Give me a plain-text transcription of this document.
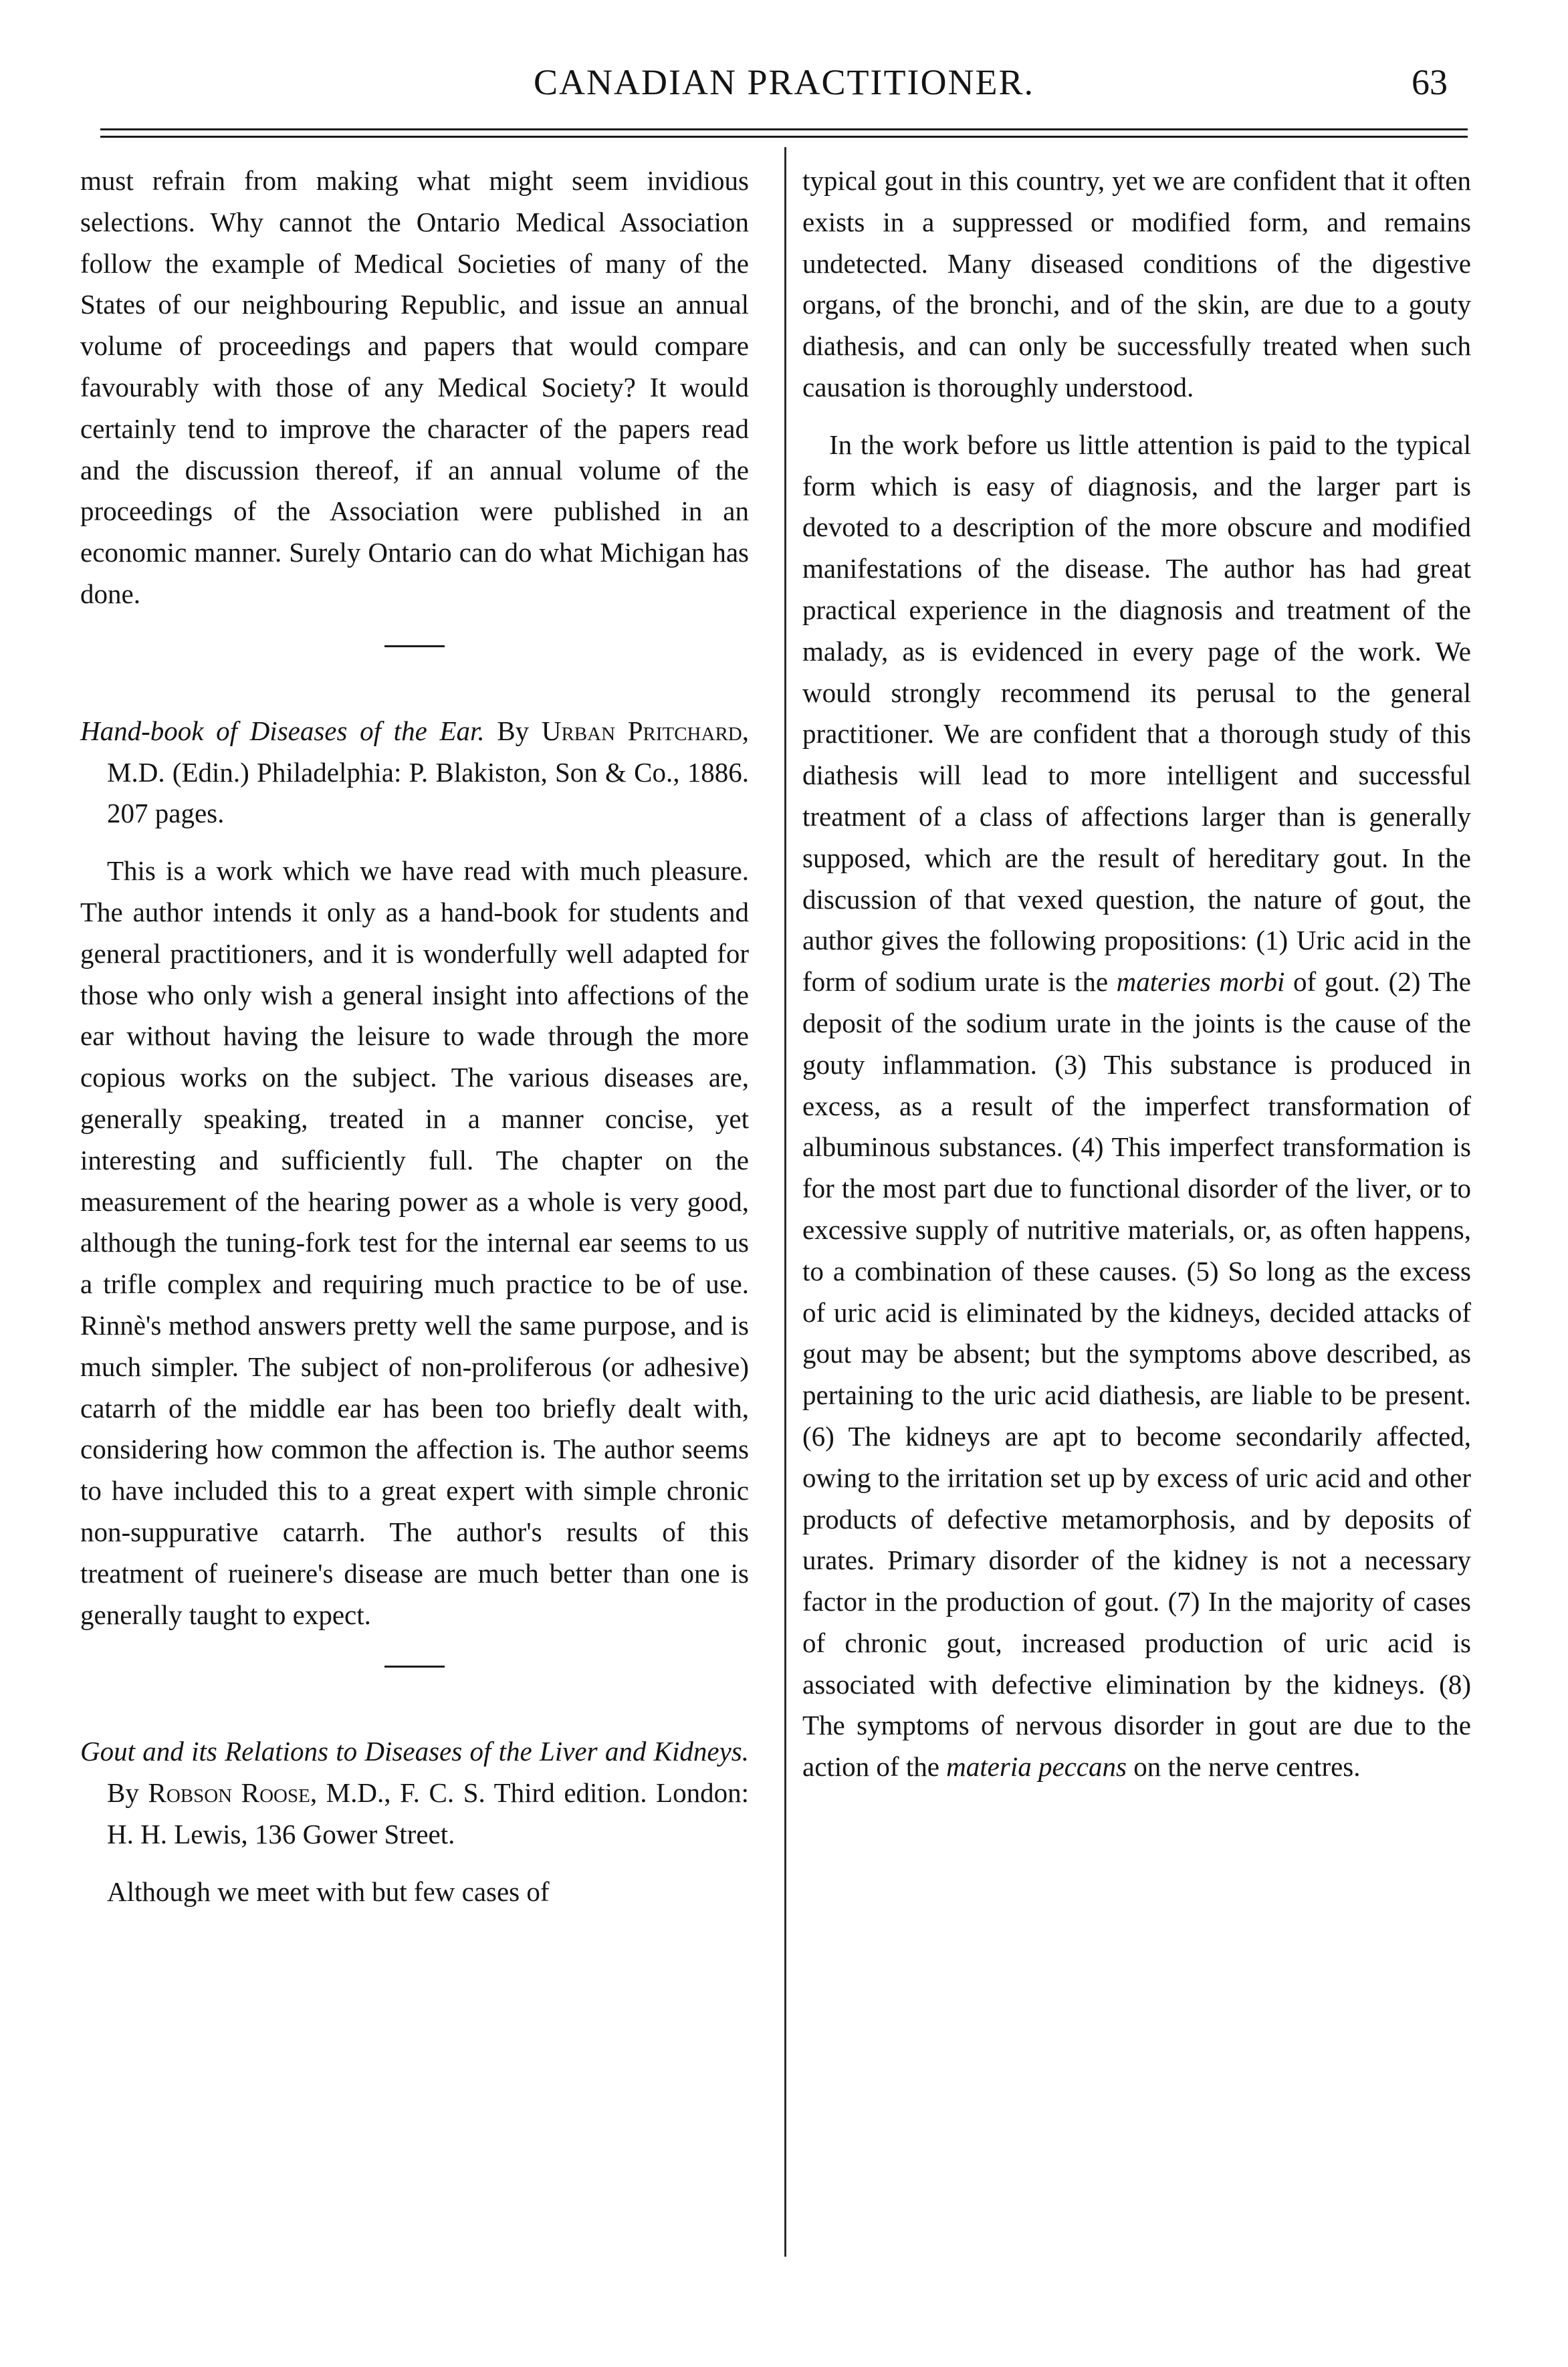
CANADIAN PRACTITIONER.	63

must refrain from making what might seem invidious selections. Why cannot the Ontario Medical Association follow the example of Medical Societies of many of the States of our neighbouring Republic, and issue an annual volume of proceedings and papers that would compare favourably with those of any Medical Society? It would certainly tend to improve the character of the papers read and the discussion thereof, if an annual volume of the proceedings of the Association were published in an economic manner. Surely Ontario can do what Michigan has done.

Hand-book of Diseases of the Ear. By Urban Pritchard, M.D. (Edin.) Philadelphia: P. Blakiston, Son & Co., 1886. 207 pages.

This is a work which we have read with much pleasure. The author intends it only as a hand-book for students and general practitioners, and it is wonderfully well adapted for those who only wish a general insight into affections of the ear without having the leisure to wade through the more copious works on the subject. The various diseases are, generally speaking, treated in a manner concise, yet interesting and sufficiently full. The chapter on the measurement of the hearing power as a whole is very good, although the tuning-fork test for the internal ear seems to us a trifle complex and requiring much practice to be of use. Rinnè's method answers pretty well the same purpose, and is much simpler. The subject of non-proliferous (or adhesive) catarrh of the middle ear has been too briefly dealt with, considering how common the affection is. The author seems to have included this to a great expert with simple chronic non-suppurative catarrh. The author's results of this treatment of rueinere's disease are much better than one is generally taught to expect.

Gout and its Relations to Diseases of the Liver and Kidneys. By Robson Roose, M.D., F. C. S. Third edition. London: H. H. Lewis, 136 Gower Street.

Although we meet with but few cases of

typical gout in this country, yet we are confident that it often exists in a suppressed or modified form, and remains undetected. Many diseased conditions of the digestive organs, of the bronchi, and of the skin, are due to a gouty diathesis, and can only be successfully treated when such causation is thoroughly understood.

In the work before us little attention is paid to the typical form which is easy of diagnosis, and the larger part is devoted to a description of the more obscure and modified manifestations of the disease. The author has had great practical experience in the diagnosis and treatment of the malady, as is evidenced in every page of the work. We would strongly recommend its perusal to the general practitioner. We are confident that a thorough study of this diathesis will lead to more intelligent and successful treatment of a class of affections larger than is generally supposed, which are the result of hereditary gout. In the discussion of that vexed question, the nature of gout, the author gives the following propositions: (1) Uric acid in the form of sodium urate is the materies morbi of gout. (2) The deposit of the sodium urate in the joints is the cause of the gouty inflammation. (3) This substance is produced in excess, as a result of the imperfect transformation of albuminous substances. (4) This imperfect transformation is for the most part due to functional disorder of the liver, or to excessive supply of nutritive materials, or, as often happens, to a combination of these causes. (5) So long as the excess of uric acid is eliminated by the kidneys, decided attacks of gout may be absent; but the symptoms above described, as pertaining to the uric acid diathesis, are liable to be present. (6) The kidneys are apt to become secondarily affected, owing to the irritation set up by excess of uric acid and other products of defective metamorphosis, and by deposits of urates. Primary disorder of the kidney is not a necessary factor in the production of gout. (7) In the majority of cases of chronic gout, increased production of uric acid is associated with defective elimination by the kidneys. (8) The symptoms of nervous disorder in gout are due to the action of the materia peccans on the nerve centres.
